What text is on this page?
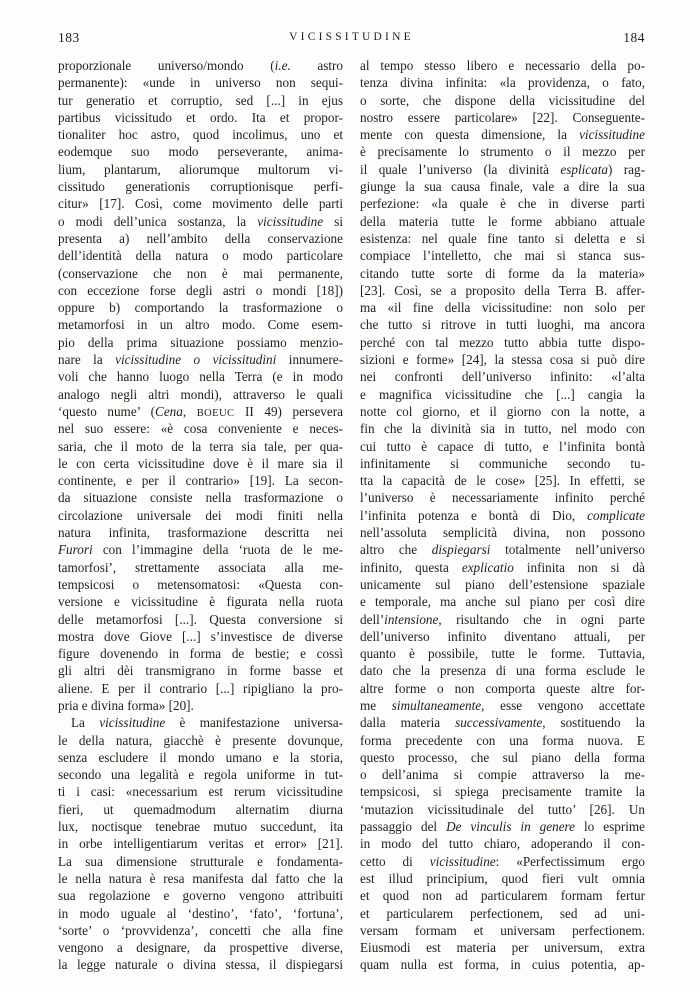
183	VICISSITUDINE	184
proporzionale universo/mondo (i.e. astro
permanente): «unde in universo non sequi-
tur generatio et corruptio, sed [...] in ejus
partibus vicissitudo et ordo. Ita et propor-
tionaliter hoc astro, quod incolimus, uno et
eodemque suo modo perseverante, anima-
lium, plantarum, aliorumque multorum vi-
cissitudo generationis corruptionisque perfi-
citur» [17]. Così, come movimento delle parti
o modi dell’unica sostanza, la vicissitudine si
presenta a) nell’ambito della conservazione
dell’identità della natura o modo particolare
(conservazione che non è mai permanente,
con eccezione forse degli astri o mondi [18])
oppure b) comportando la trasformazione o
metamorfosi in un altro modo. Come esem-
pio della prima situazione possiamo menzio-
nare la vicissitudine o vicissitudini innumere-
voli che hanno luogo nella Terra (e in modo
analogo negli altri mondi), attraverso le quali
‘questo nume’ (Cena, BOEUC II 49) persevera
nel suo essere: «è cosa conveniente e neces-
saria, che il moto de la terra sia tale, per qua-
le con certa vicissitudine dove è il mare sia il
continente, e per il contrario» [19]. La secon-
da situazione consiste nella trasformazione o
circolazione universale dei modi finiti nella
natura infinita, trasformazione descritta nei
Furori con l’immagine della ‘ruota de le me-
tamorfosi’, strettamente associata alla me-
tempsicosi o metensomatosi: «Questa con-
versione e vicissitudine è figurata nella ruota
delle metamorfosi [...]. Questa conversione si
mostra dove Giove [...] s’investisce de diverse
figure dovenendo in forma de bestie; e cossì
gli altri dèi transmigrano in forme basse et
aliene. E per il contrario [...] ripigliano la pro-
pria e divina forma» [20].
La vicissitudine è manifestazione universa-
le della natura, giacchè è presente dovunque,
senza escludere il mondo umano e la storia,
secondo una legalità e regola uniforme in tut-
ti i casi: «necessarium est rerum vicissitudine
fieri, ut quemadmodum alternatim diurna
lux, noctisque tenebrae mutuo succedunt, ita
in orbe intelligentiarum veritas et error» [21].
La sua dimensione strutturale e fondamenta-
le nella natura è resa manifesta dal fatto che la
sua regolazione e governo vengono attribuiti
in modo uguale al ‘destino’, ‘fato’, ‘fortuna’,
‘sorte’ o ‘provvidenza’, concetti che alla fine
vengono a designare, da prospettive diverse,
la legge naturale o divina stessa, il dispiegarsi
al tempo stesso libero e necessario della po-
tenza divina infinita: «la providenza, o fato,
o sorte, che dispone della vicissitudine del
nostro essere particolare» [22]. Conseguente-
mente con questa dimensione, la vicissitudine
è precisamente lo strumento o il mezzo per
il quale l’universo (la divinità esplicata) rag-
giunge la sua causa finale, vale a dire la sua
perfezione: «la quale è che in diverse parti
della materia tutte le forme abbiano attuale
esistenza: nel quale fine tanto si deletta e si
compiace l’intelletto, che mai si stanca sus-
citando tutte sorte di forme da la materia»
[23]. Così, se a proposito della Terra B. affer-
ma «il fine della vicissitudine: non solo per
che tutto si ritrove in tutti luoghi, ma ancora
perché con tal mezzo tutto abbia tutte dispo-
sizioni e forme» [24], la stessa cosa si può dire
nei confronti dell’universo infinito: «l’alta
e magnifica vicissitudine che [...] cangia la
notte col giorno, et il giorno con la notte, a
fin che la divinità sia in tutto, nel modo con
cui tutto è capace di tutto, e l’infinita bontà
infinitamente si communiche secondo tu-
tta la capacità de le cose» [25]. In effetti, se
l’universo è necessariamente infinito perché
l’infinita potenza e bontà di Dio, complicate
nell’assoluta semplicità divina, non possono
altro che dispiegarsi totalmente nell’universo
infinito, questa explicatio infinita non si dà
unicamente sul piano dell’estensione spaziale
e temporale, ma anche sul piano per così dire
dell’intensione, risultando che in ogni parte
dell’universo infinito diventano attuali, per
quanto è possibile, tutte le forme. Tuttavia,
dato che la presenza di una forma esclude le
altre forme o non comporta queste altre for-
me simultaneamente, esse vengono accettate
dalla materia successivamente, sostituendo la
forma precedente con una forma nuova. E
questo processo, che sul piano della forma
o dell’anima si compie attraverso la me-
tempsicosi, si spiega precisamente tramite la
‘mutazion vicissitudinale del tutto’ [26]. Un
passaggio del De vinculis in genere lo esprime
in modo del tutto chiaro, adoperando il con-
cetto di vicissitudine: «Perfectissimum ergo
est illud principium, quod fieri vult omnia
et quod non ad particularem formam fertur
et particularem perfectionem, sed ad uni-
versam formam et universam perfectionem.
Eiusmodi est materia per universum, extra
quam nulla est forma, in cuius potentia, ap-
